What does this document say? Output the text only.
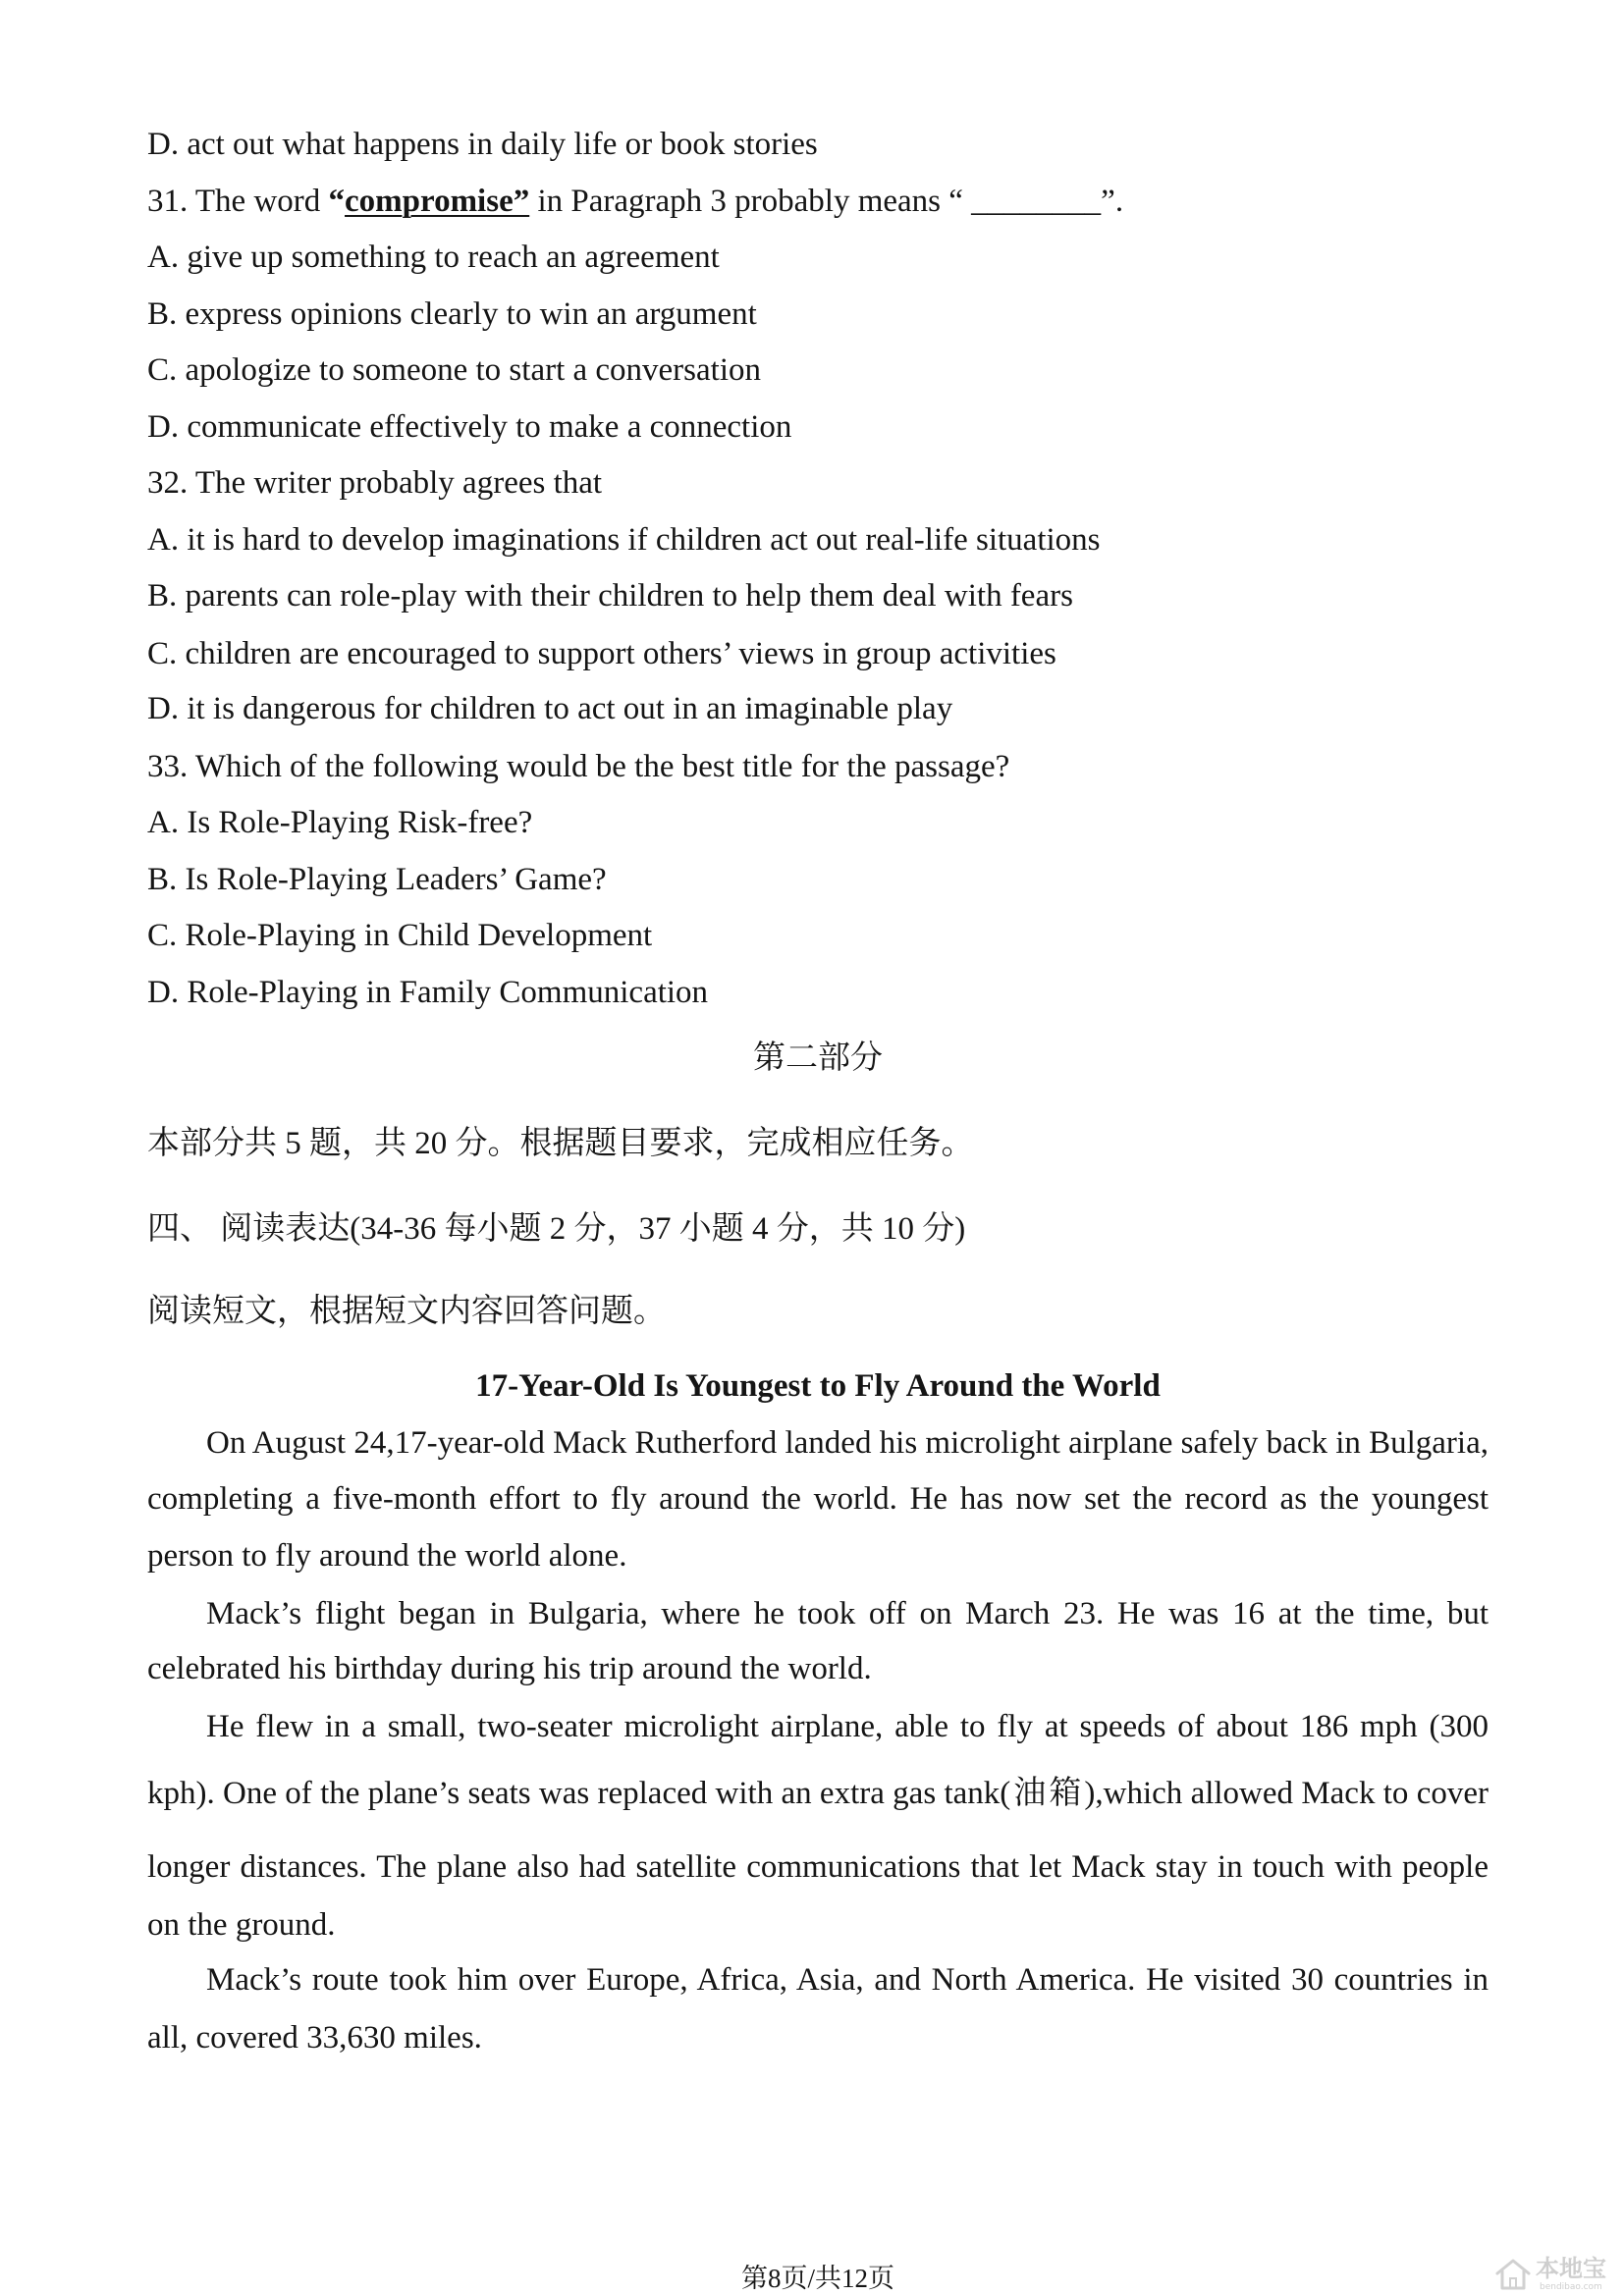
D. act out what happens in daily life or book stories
31. The word “compromise” in Paragraph 3 probably means “ ________”.
A. give up something to reach an agreement
B. express opinions clearly to win an argument
C. apologize to someone to start a conversation
D. communicate effectively to make a connection
32. The writer probably agrees that
A. it is hard to develop imaginations if children act out real-life situations
B. parents can role-play with their children to help them deal with fears
C. children are encouraged to support others’ views in group activities
D. it is dangerous for children to act out in an imaginable play
33. Which of the following would be the best title for the passage?
A. Is Role-Playing Risk-free?
B. Is Role-Playing Leaders’ Game?
C. Role-Playing in Child Development
D. Role-Playing in Family Communication
第二部分
本部分共 5 题，共 20 分。根据题目要求，完成相应任务。
四、 阅读表达(34-36 每小题 2 分，37 小题 4 分，共 10 分)
阅读短文，根据短文内容回答问题。
17-Year-Old Is Youngest to Fly Around the World
On August 24,17-year-old Mack Rutherford landed his microlight airplane safely back in Bulgaria,
completing a five-month effort to fly around the world. He has now set the record as the youngest
person to fly around the world alone.
Mack’s flight began in Bulgaria, where he took off on March 23. He was 16 at the time, but
celebrated his birthday during his trip around the world.
He flew in a small, two-seater microlight airplane, able to fly at speeds of about 186 mph (300
kph). One of the plane’s seats was replaced with an extra gas tank(油箱),which allowed Mack to cover
longer distances. The plane also had satellite communications that let Mack stay in touch with people
on the ground.
Mack’s route took him over Europe, Africa, Asia, and North America. He visited 30 countries in
all, covered 33,630 miles.
第8页/共12页	本地宝
bendibao.com
